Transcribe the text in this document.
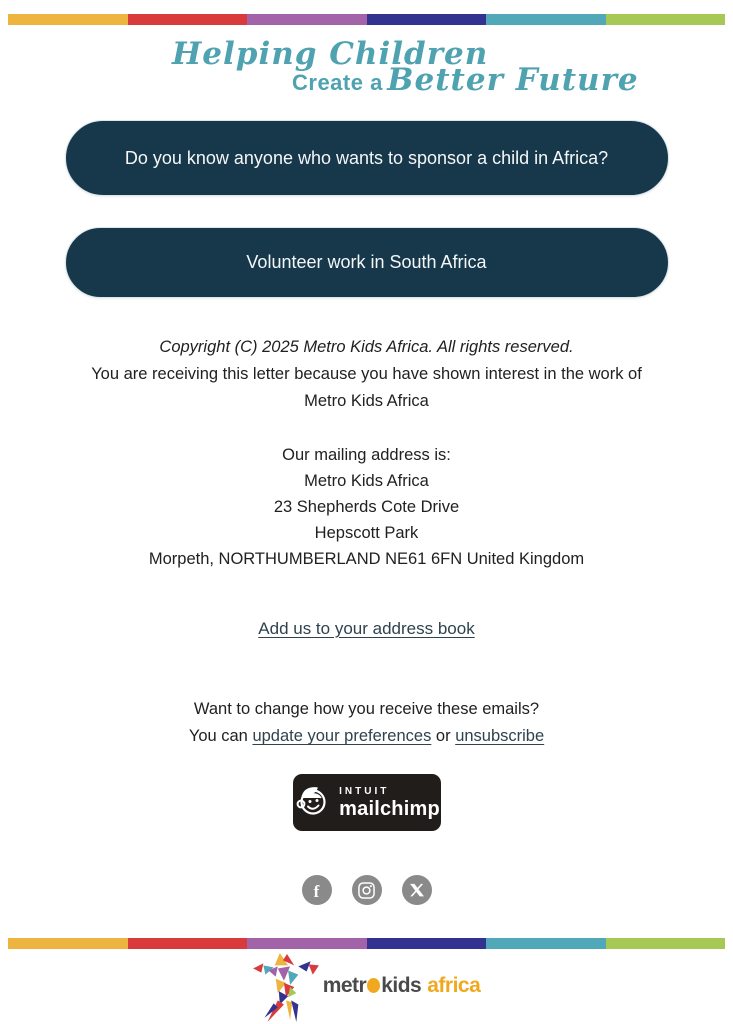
Helping Children
Create a Better Future
Do you know anyone who wants to sponsor a child in Africa?
Volunteer work in South Africa
Copyright (C) 2025 Metro Kids Africa. All rights reserved.
You are receiving this letter because you have shown interest in the work of
Metro Kids Africa
Our mailing address is:
Metro Kids Africa
23 Shepherds Cote Drive
Hepscott Park
Morpeth, NORTHUMBERLAND NE61 6FN United Kingdom
Add us to your address book
Want to change how you receive these emails?
You can update your preferences or unsubscribe
INTUIT
mailchimp
f
metr kids africa
